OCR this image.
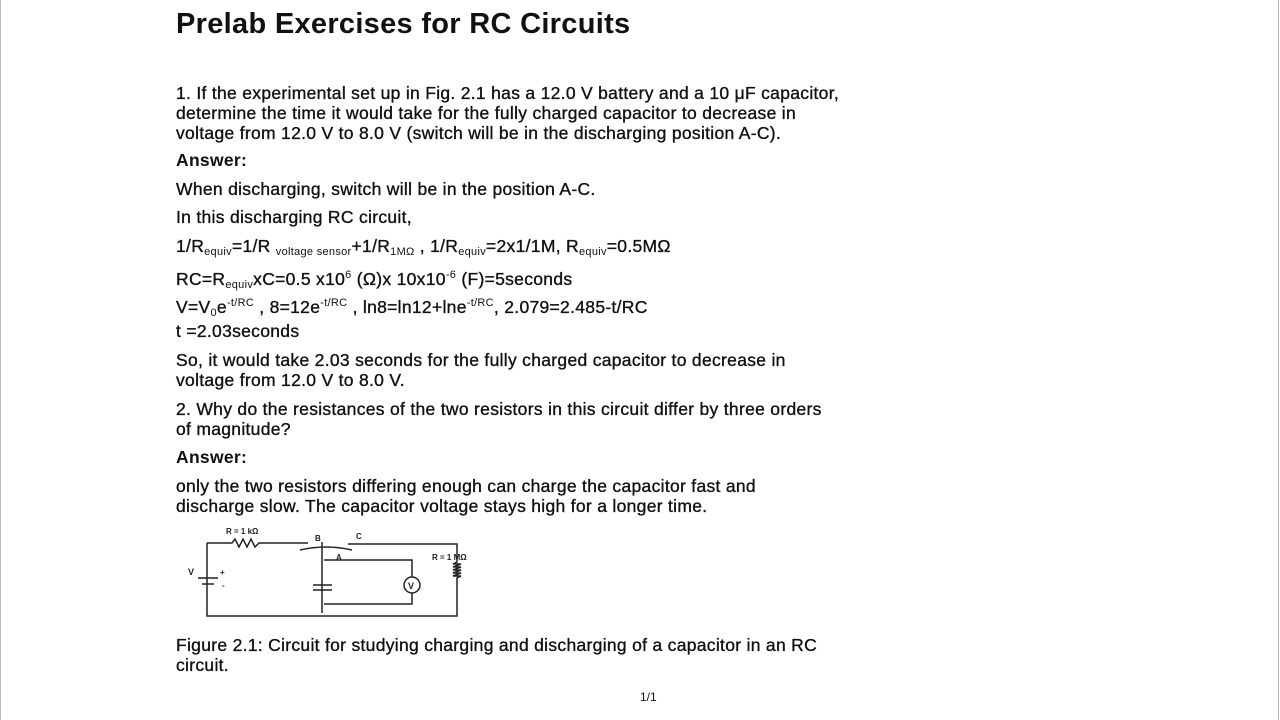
Prelab Exercises for RC Circuits
1. If the experimental set up in Fig. 2.1 has a 12.0 V battery and a 10 μF capacitor,
determine the time it would take for the fully charged capacitor to decrease in
voltage from 12.0 V to 8.0 V (switch will be in the discharging position A-C).
Answer:
When discharging, switch will be in the position A-C.
In this discharging RC circuit,
$1/R_{equiv}=1/R$ $_{voltage sensor}+1/R_{1M\Omega}$ , $1/R_{equiv}=2x1/1M$, $R_{equiv}=0.5M\Omega$
$RC=R_{equiv}xC=0.5$ $x10^6$ (Ω)x $10x10^{-6}$ (F)=5seconds
$V=V_0e^{-t/RC}$ , $8=12e^{-t/RC}$ , ln8=ln12+lne$^{-t/RC}$, 2.079=2.485-t/RC
t =2.03seconds
So, it would take 2.03 seconds for the fully charged capacitor to decrease in
voltage from 12.0 V to 8.0 V.
2. Why do the resistances of the two resistors in this circuit differ by three orders
of magnitude?
Answer:
only the two resistors differing enough can charge the capacitor fast and
discharge slow. The capacitor voltage stays high for a longer time.
R = 1 kΩ
B	C
A	R = 1 MΩ
V	+
-	V
Figure 2.1: Circuit for studying charging and discharging of a capacitor in an RC
circuit.
1/1
